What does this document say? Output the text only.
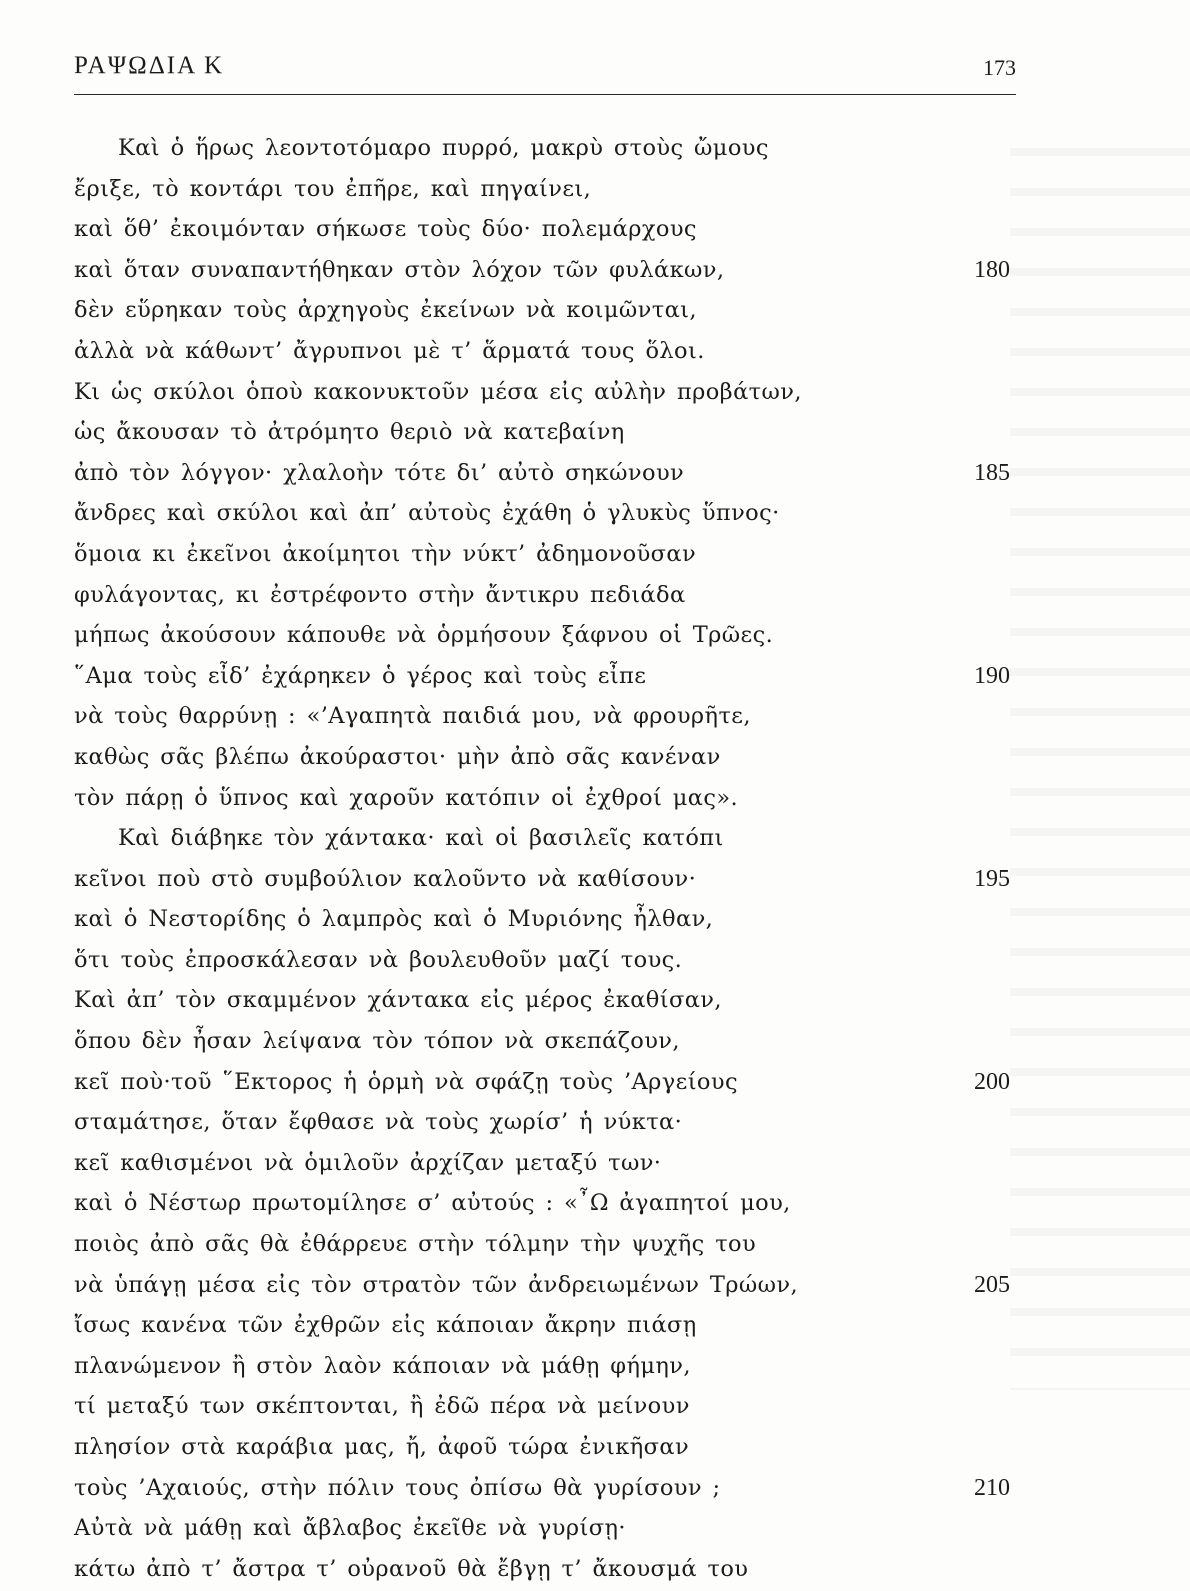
ΡΑΨΩΔΙΑ Κ	173
Καὶ ὁ ἥρως λεοντοτόμαρο πυρρό, μακρὺ στοὺς ὤμους
ἔριξε, τὸ κοντάρι του ἐπῆρε, καὶ πηγαίνει,
καὶ ὅθ’ ἐκοιμόνταν σήκωσε τοὺς δύο· πολεμάρχους
καὶ ὅταν συναπαντήθηκαν στὸν λόχον τῶν φυλάκων,	180
δὲν εὕρηκαν τοὺς ἀρχηγοὺς ἐκείνων νὰ κοιμῶνται,
ἀλλὰ νὰ κάθωντ’ ἄγρυπνοι μὲ τ’ ἅρματά τους ὅλοι.
Κι ὡς σκύλοι ὁποὺ κακονυκτοῦν μέσα εἰς αὐλὴν προβάτων,
ὡς ἄκουσαν τὸ ἀτρόμητο θεριὸ νὰ κατεβαίνη
ἀπὸ τὸν λόγγον· χλαλοὴν τότε δι’ αὐτὸ σηκώνουν	185
ἄνδρες καὶ σκύλοι καὶ ἀπ’ αὐτοὺς ἐχάθη ὁ γλυκὺς ὕπνος·
ὅμοια κι ἐκεῖνοι ἀκοίμητοι τὴν νύκτ’ ἀδημονοῦσαν
φυλάγοντας, κι ἐστρέφοντο στὴν ἄντικρυ πεδιάδα
μήπως ἀκούσουν κάπουθε νὰ ὁρμήσουν ξάφνου οἱ Τρῶες.
῞Αμα τοὺς εἶδ’ ἐχάρηκεν ὁ γέρος καὶ τοὺς εἶπε	190
νὰ τοὺς θαρρύνῃ : «’Αγαπητὰ παιδιά μου, νὰ φρουρῆτε,
καθὼς σᾶς βλέπω ἀκούραστοι· μὴν ἀπὸ σᾶς κανέναν
τὸν πάρῃ ὁ ὕπνος καὶ χαροῦν κατόπιν οἱ ἐχθροί μας».
Καὶ διάβηκε τὸν χάντακα· καὶ οἱ βασιλεῖς κατόπι
κεῖνοι ποὺ στὸ συμβούλιον καλοῦντο νὰ καθίσουν·	195
καὶ ὁ Νεστορίδης ὁ λαμπρὸς καὶ ὁ Μυριόνης ἦλθαν,
ὅτι τοὺς ἐπροσκάλεσαν νὰ βουλευθοῦν μαζί τους.
Καὶ ἀπ’ τὸν σκαμμένον χάντακα εἰς μέρος ἐκαθίσαν,
ὅπου δὲν ἦσαν λείψανα τὸν τόπον νὰ σκεπάζουν,
κεῖ ποὺ·τοῦ ῞Εκτορος ἡ ὁρμὴ νὰ σφάζῃ τοὺς ’Αργείους	200
σταμάτησε, ὅταν ἔφθασε νὰ τοὺς χωρίσ’ ἡ νύκτα·
κεῖ καθισμένοι νὰ ὁμιλοῦν ἀρχίζαν μεταξύ των·
καὶ ὁ Νέστωρ πρωτομίλησε σ’ αὐτούς : «῏Ω ἀγαπητοί μου,
ποιὸς ἀπὸ σᾶς θὰ ἐθάρρευε στὴν τόλμην τὴν ψυχῆς του
νὰ ὑπάγῃ μέσα εἰς τὸν στρατὸν τῶν ἀνδρειωμένων Τρώων,	205
ἴσως κανένα τῶν ἐχθρῶν εἰς κάποιαν ἄκρην πιάσῃ
πλανώμενον ἢ στὸν λαὸν κάποιαν νὰ μάθῃ φήμην,
τί μεταξύ των σκέπτονται, ἢ ἐδῶ πέρα νὰ μείνουν
πλησίον στὰ καράβια μας, ἤ, ἀφοῦ τώρα ἐνικῆσαν
τοὺς ’Αχαιούς, στὴν πόλιν τους ὀπίσω θὰ γυρίσουν ;	210
Αὐτὰ νὰ μάθῃ καὶ ἄβλαβος ἐκεῖθε νὰ γυρίσῃ·
κάτω ἀπὸ τ’ ἄστρα τ’ οὐρανοῦ θὰ ἔβγῃ τ’ ἄκουσμά του
